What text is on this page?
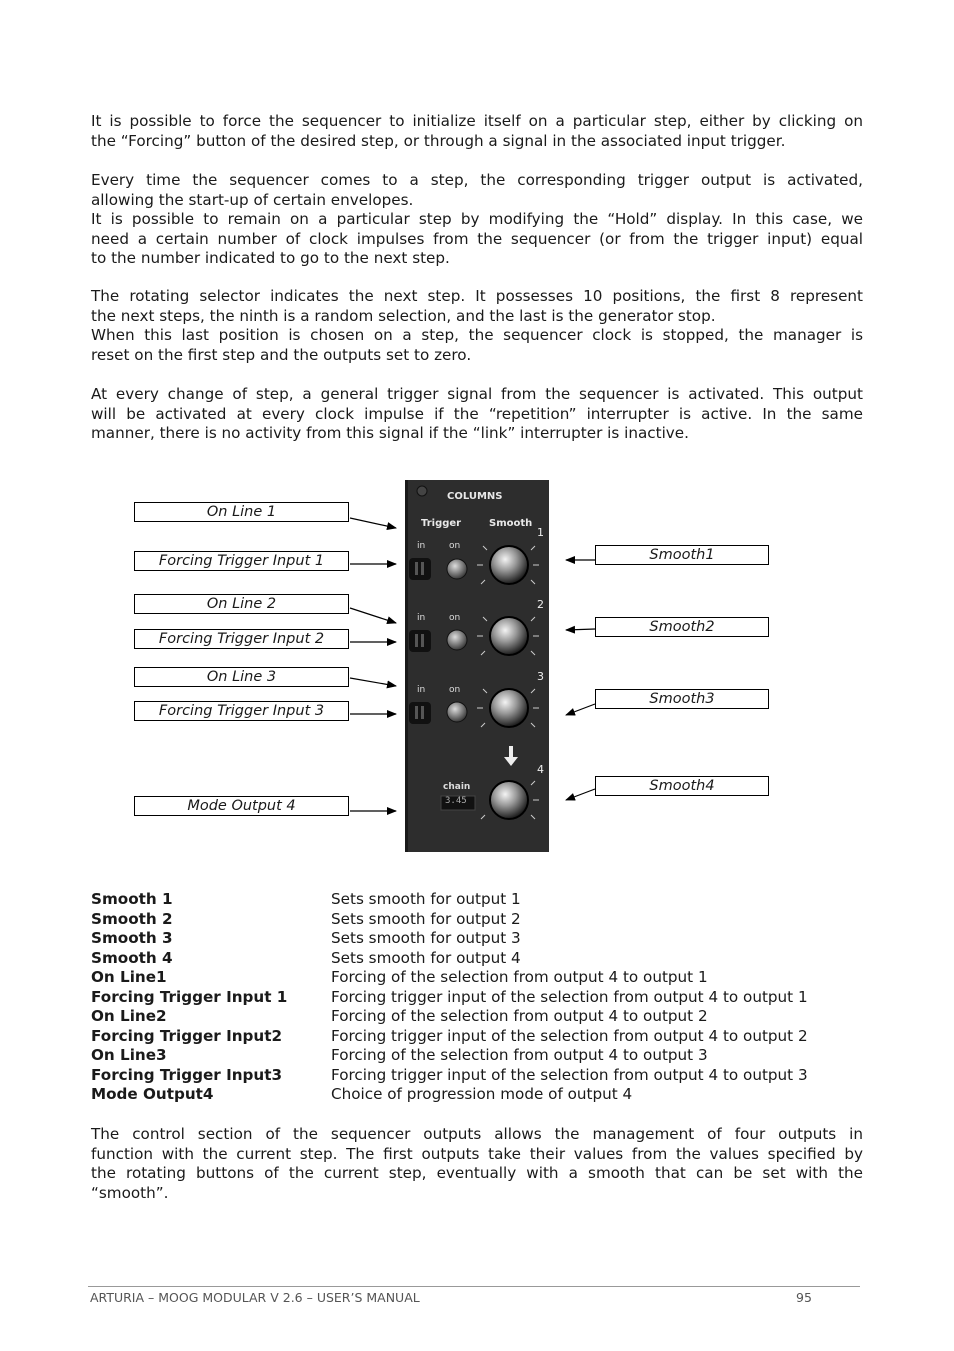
It is possible to force the sequencer to initialize itself on a particular step, either by clicking on
the “Forcing” button of the desired step, or through a signal in the associated input trigger.
Every time the sequencer comes to a step, the corresponding trigger output is activated,
allowing the start-up of certain envelopes.
It is possible to remain on a particular step by modifying the “Hold” display. In this case, we
need a certain number of clock impulses from the sequencer (or from the trigger input) equal
to the number indicated to go to the next step.
The rotating selector indicates the next step. It possesses 10 positions, the first 8 represent
the next steps, the ninth is a random selection, and the last is the generator stop.
When this last position is chosen on a step, the sequencer clock is stopped, the manager is
reset on the first step and the outputs set to zero.
At every change of step, a general trigger signal from the sequencer is activated. This output
will be activated at every clock impulse if the “repetition” interrupter is active. In the same
manner, there is no activity from this signal if the “link” interrupter is inactive.
On Line 1
Forcing Trigger Input 1
On Line 2
Forcing Trigger Input 2
On Line 3
Forcing Trigger Input 3
Mode Output 4
Smooth1
Smooth2
Smooth3
Smooth4
COLUMNS
Trigger	Smooth
in	on
in	on
in	on
1
2
3
4
chain
3.45
Smooth 1	Sets smooth for output 1
Smooth 2	Sets smooth for output 2
Smooth 3	Sets smooth for output 3
Smooth 4	Sets smooth for output 4
On Line1	Forcing of the selection from output 4 to output 1
Forcing Trigger Input 1	Forcing trigger input of the selection from output 4 to output 1
On Line2	Forcing of the selection from output 4 to output 2
Forcing Trigger Input2	Forcing trigger input of the selection from output 4 to output 2
On Line3	Forcing of the selection from output 4 to output 3
Forcing Trigger Input3	Forcing trigger input of the selection from output 4 to output 3
Mode Output4	Choice of progression mode of output 4
The control section of the sequencer outputs allows the management of four outputs in
function with the current step. The first outputs take their values from the values specified by
the rotating buttons of the current step, eventually with a smooth that can be set with the
“smooth”.
ARTURIA – MOOG MODULAR V 2.6 – USER’S MANUAL	95
